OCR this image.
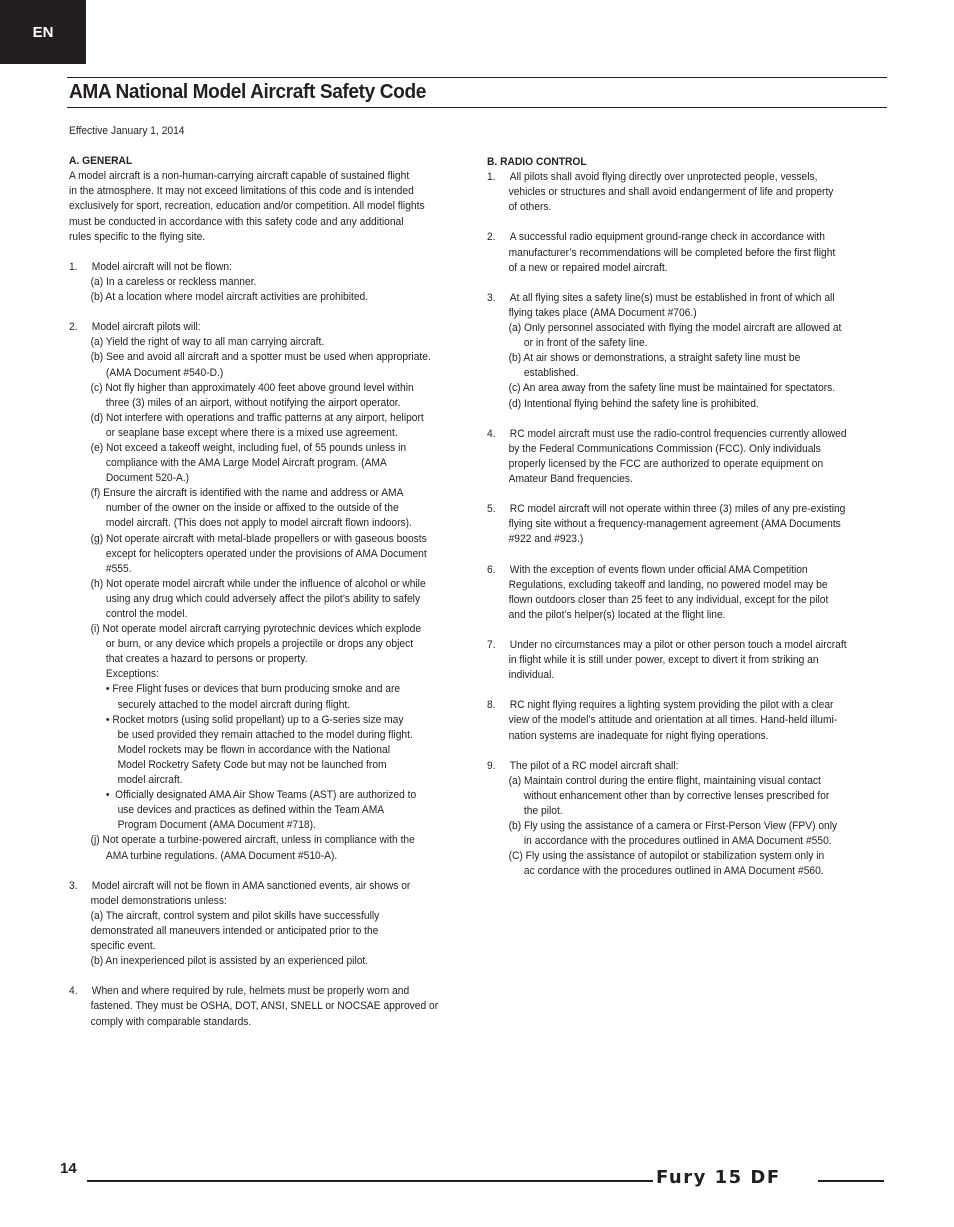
EN
AMA National Model Aircraft Safety Code
Effective January 1, 2014
A. GENERAL
A model aircraft is a non-human-carrying aircraft capable of sustained flight
in the atmosphere. It may not exceed limitations of this code and is intended
exclusively for sport, recreation, education and/or competition. All model flights
must be conducted in accordance with this safety code and any additional
rules specific to the flying site.
1.     Model aircraft will not be flown:
(a) In a careless or reckless manner.
(b) At a location where model aircraft activities are prohibited.
2.     Model aircraft pilots will:
(a) Yield the right of way to all man carrying aircraft.
(b) See and avoid all aircraft and a spotter must be used when appropriate.
(AMA Document #540-D.)
(c) Not fly higher than approximately 400 feet above ground level within
three (3) miles of an airport, without notifying the airport operator.
(d) Not interfere with operations and traffic patterns at any airport, heliport
or seaplane base except where there is a mixed use agreement.
(e) Not exceed a takeoff weight, including fuel, of 55 pounds unless in
compliance with the AMA Large Model Aircraft program. (AMA
Document 520-A.)
(f) Ensure the aircraft is identified with the name and address or AMA
number of the owner on the inside or affixed to the outside of the
model aircraft. (This does not apply to model aircraft flown indoors).
(g) Not operate aircraft with metal-blade propellers or with gaseous boosts
except for helicopters operated under the provisions of AMA Document
#555.
(h) Not operate model aircraft while under the influence of alcohol or while
using any drug which could adversely affect the pilot’s ability to safely
control the model.
(i) Not operate model aircraft carrying pyrotechnic devices which explode
or burn, or any device which propels a projectile or drops any object
that creates a hazard to persons or property.
Exceptions:
• Free Flight fuses or devices that burn producing smoke and are
securely attached to the model aircraft during flight.
• Rocket motors (using solid propellant) up to a G-series size may
be used provided they remain attached to the model during flight.
Model rockets may be flown in accordance with the National
Model Rocketry Safety Code but may not be launched from
model aircraft.
•  Officially designated AMA Air Show Teams (AST) are authorized to
use devices and practices as defined within the Team AMA
Program Document (AMA Document #718).
(j) Not operate a turbine-powered aircraft, unless in compliance with the
AMA turbine regulations. (AMA Document #510-A).
3.     Model aircraft will not be flown in AMA sanctioned events, air shows or
model demonstrations unless:
(a) The aircraft, control system and pilot skills have successfully
demonstrated all maneuvers intended or anticipated prior to the
specific event.
(b) An inexperienced pilot is assisted by an experienced pilot.
4.     When and where required by rule, helmets must be properly worn and
fastened. They must be OSHA, DOT, ANSI, SNELL or NOCSAE approved or
comply with comparable standards.
B. RADIO CONTROL
1.     All pilots shall avoid flying directly over unprotected people, vessels,
vehicles or structures and shall avoid endangerment of life and property
of others.
2.     A successful radio equipment ground-range check in accordance with
manufacturer’s recommendations will be completed before the first flight
of a new or repaired model aircraft.
3.     At all flying sites a safety line(s) must be established in front of which all
flying takes place (AMA Document #706.)
(a) Only personnel associated with flying the model aircraft are allowed at
or in front of the safety line.
(b) At air shows or demonstrations, a straight safety line must be
established.
(c) An area away from the safety line must be maintained for spectators.
(d) Intentional flying behind the safety line is prohibited.
4.     RC model aircraft must use the radio-control frequencies currently allowed
by the Federal Communications Commission (FCC). Only individuals
properly licensed by the FCC are authorized to operate equipment on
Amateur Band frequencies.
5.     RC model aircraft will not operate within three (3) miles of any pre-existing
flying site without a frequency-management agreement (AMA Documents
#922 and #923.)
6.     With the exception of events flown under official AMA Competition
Regulations, excluding takeoff and landing, no powered model may be
flown outdoors closer than 25 feet to any individual, except for the pilot
and the pilot’s helper(s) located at the flight line.
7.     Under no circumstances may a pilot or other person touch a model aircraft
in flight while it is still under power, except to divert it from striking an
individual.
8.     RC night flying requires a lighting system providing the pilot with a clear
view of the model’s attitude and orientation at all times. Hand-held illumi-
nation systems are inadequate for night flying operations.
9.     The pilot of a RC model aircraft shall:
(a) Maintain control during the entire flight, maintaining visual contact
without enhancement other than by corrective lenses prescribed for
the pilot.
(b) Fly using the assistance of a camera or First-Person View (FPV) only
in accordance with the procedures outlined in AMA Document #550.
(C) Fly using the assistance of autopilot or stabilization system only in
ac cordance with the procedures outlined in AMA Document #560.
14	Fury 15 DF
